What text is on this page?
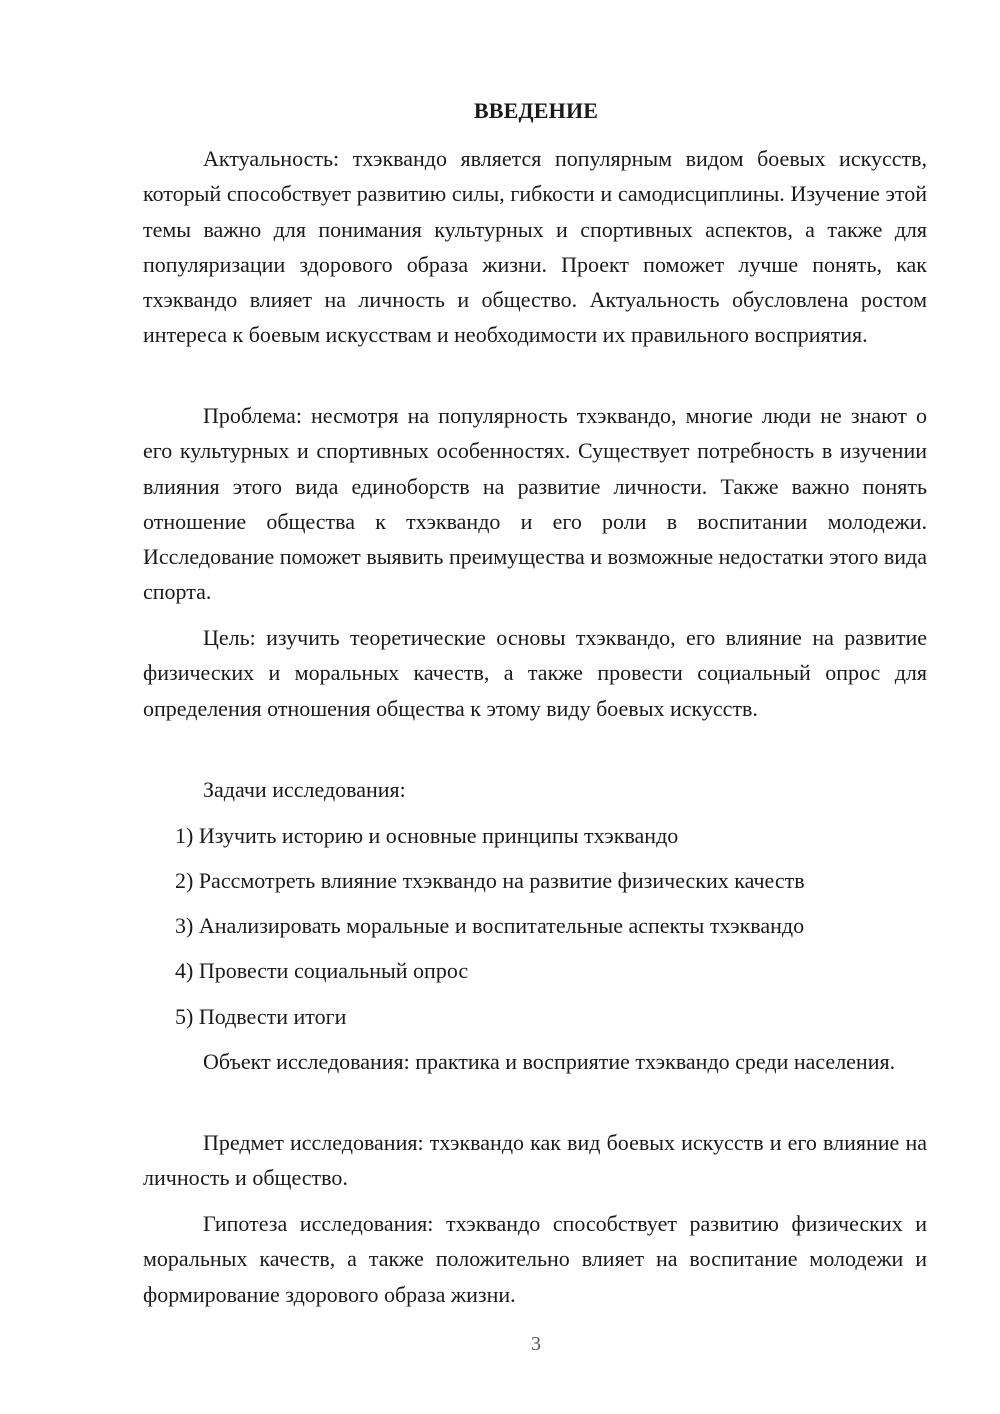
ВВЕДЕНИЕ

Актуальность: тхэквандо является популярным видом боевых искусств, который способствует развитию силы, гибкости и самодисциплины. Изучение этой темы важно для понимания культурных и спортивных аспектов, а также для популяризации здорового образа жизни. Проект поможет лучше понять, как тхэквандо влияет на личность и общество. Актуальность обусловлена ростом интереса к боевым искусствам и необходимости их правильного восприятия.

Проблема: несмотря на популярность тхэквандо, многие люди не знают о его культурных и спортивных особенностях. Существует потребность в изучении влияния этого вида единоборств на развитие личности. Также важно понять отношение общества к тхэквандо и его роли в воспитании молодежи. Исследование поможет выявить преимущества и возможные недостатки этого вида спорта.

Цель: изучить теоретические основы тхэквандо, его влияние на развитие физических и моральных качеств, а также провести социальный опрос для определения отношения общества к этому виду боевых искусств.

Задачи исследования:
1) Изучить историю и основные принципы тхэквандо
2) Рассмотреть влияние тхэквандо на развитие физических качеств
3) Анализировать моральные и воспитательные аспекты тхэквандо
4) Провести социальный опрос
5) Подвести итоги

Объект исследования: практика и восприятие тхэквандо среди населения.

Предмет исследования: тхэквандо как вид боевых искусств и его влияние на личность и общество.

Гипотеза исследования: тхэквандо способствует развитию физических и моральных качеств, а также положительно влияет на воспитание молодежи и формирование здорового образа жизни.

3
